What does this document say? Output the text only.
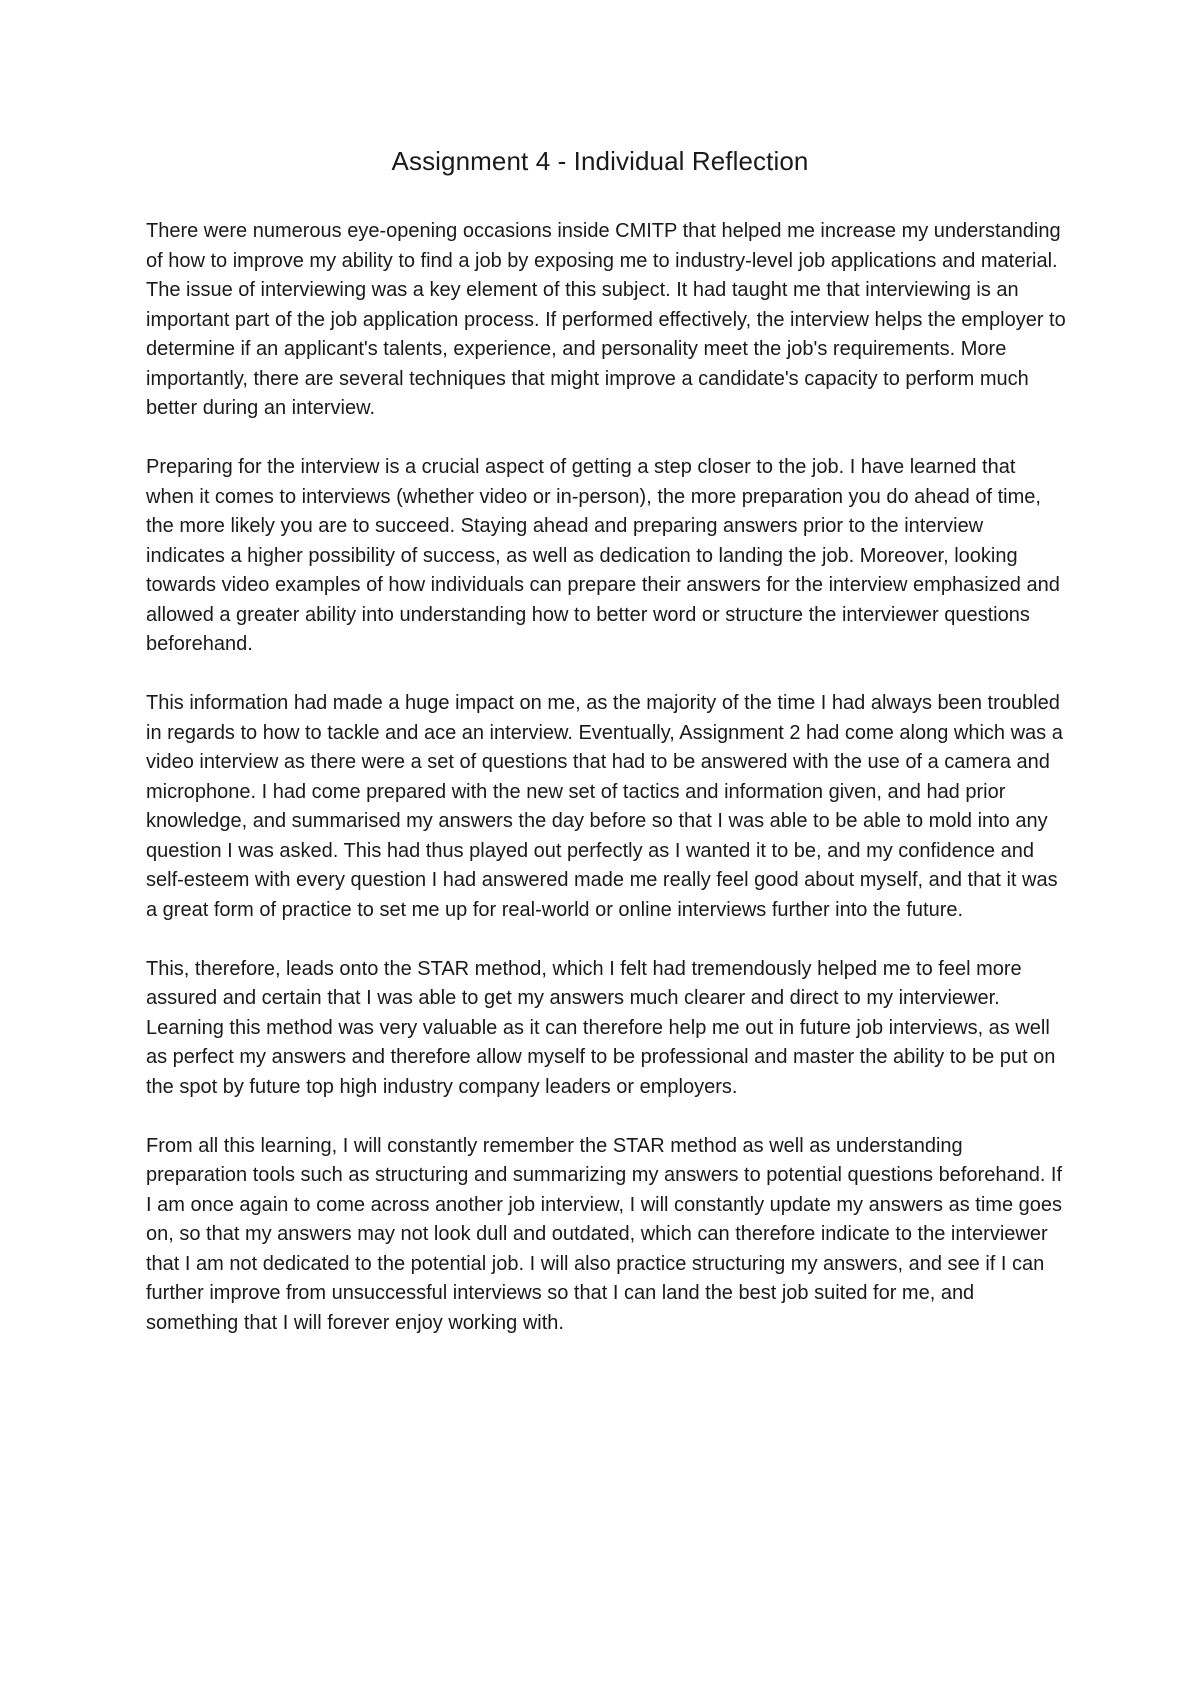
Assignment 4 - Individual Reflection

There were numerous eye-opening occasions inside CMITP that helped me increase my understanding of how to improve my ability to find a job by exposing me to industry-level job applications and material. The issue of interviewing was a key element of this subject. It had taught me that interviewing is an important part of the job application process. If performed effectively, the interview helps the employer to determine if an applicant's talents, experience, and personality meet the job's requirements. More importantly, there are several techniques that might improve a candidate's capacity to perform much better during an interview.

Preparing for the interview is a crucial aspect of getting a step closer to the job. I have learned that when it comes to interviews (whether video or in-person), the more preparation you do ahead of time, the more likely you are to succeed. Staying ahead and preparing answers prior to the interview indicates a higher possibility of success, as well as dedication to landing the job. Moreover, looking towards video examples of how individuals can prepare their answers for the interview emphasized and allowed a greater ability into understanding how to better word or structure the interviewer questions beforehand.

This information had made a huge impact on me, as the majority of the time I had always been troubled in regards to how to tackle and ace an interview. Eventually, Assignment 2 had come along which was a video interview as there were a set of questions that had to be answered with the use of a camera and microphone. I had come prepared with the new set of tactics and information given, and had prior knowledge, and summarised my answers the day before so that I was able to be able to mold into any question I was asked. This had thus played out perfectly as I wanted it to be, and my confidence and self-esteem with every question I had answered made me really feel good about myself, and that it was a great form of practice to set me up for real-world or online interviews further into the future.

This, therefore, leads onto the STAR method, which I felt had tremendously helped me to feel more assured and certain that I was able to get my answers much clearer and direct to my interviewer. Learning this method was very valuable as it can therefore help me out in future job interviews, as well as perfect my answers and therefore allow myself to be professional and master the ability to be put on the spot by future top high industry company leaders or employers.

From all this learning, I will constantly remember the STAR method as well as understanding preparation tools such as structuring and summarizing my answers to potential questions beforehand. If I am once again to come across another job interview, I will constantly update my answers as time goes on, so that my answers may not look dull and outdated, which can therefore indicate to the interviewer that I am not dedicated to the potential job. I will also practice structuring my answers, and see if I can further improve from unsuccessful interviews so that I can land the best job suited for me, and something that I will forever enjoy working with.
